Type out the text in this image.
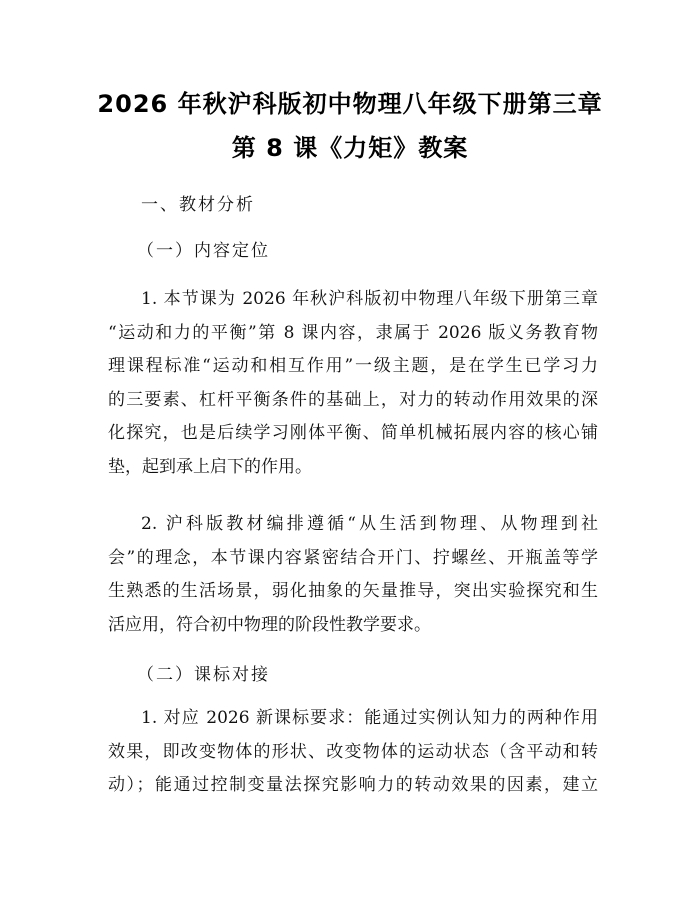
2026 年秋沪科版初中物理八年级下册第三章
第 8 课《力矩》教案
一、教材分析
（一）内容定位
1. 本节课为 2026 年秋沪科版初中物理八年级下册第三章
“运动和力的平衡”第 8 课内容，隶属于 2026 版义务教育物
理课程标准“运动和相互作用”一级主题，是在学生已学习力
的三要素、杠杆平衡条件的基础上，对力的转动作用效果的深
化探究，也是后续学习刚体平衡、简单机械拓展内容的核心铺
垫，起到承上启下的作用。
2. 沪科版教材编排遵循“从生活到物理、从物理到社
会”的理念，本节课内容紧密结合开门、拧螺丝、开瓶盖等学
生熟悉的生活场景，弱化抽象的矢量推导，突出实验探究和生
活应用，符合初中物理的阶段性教学要求。
（二）课标对接
1. 对应 2026 新课标要求：能通过实例认知力的两种作用
效果，即改变物体的形状、改变物体的运动状态（含平动和转
动）；能通过控制变量法探究影响力的转动效果的因素，建立
